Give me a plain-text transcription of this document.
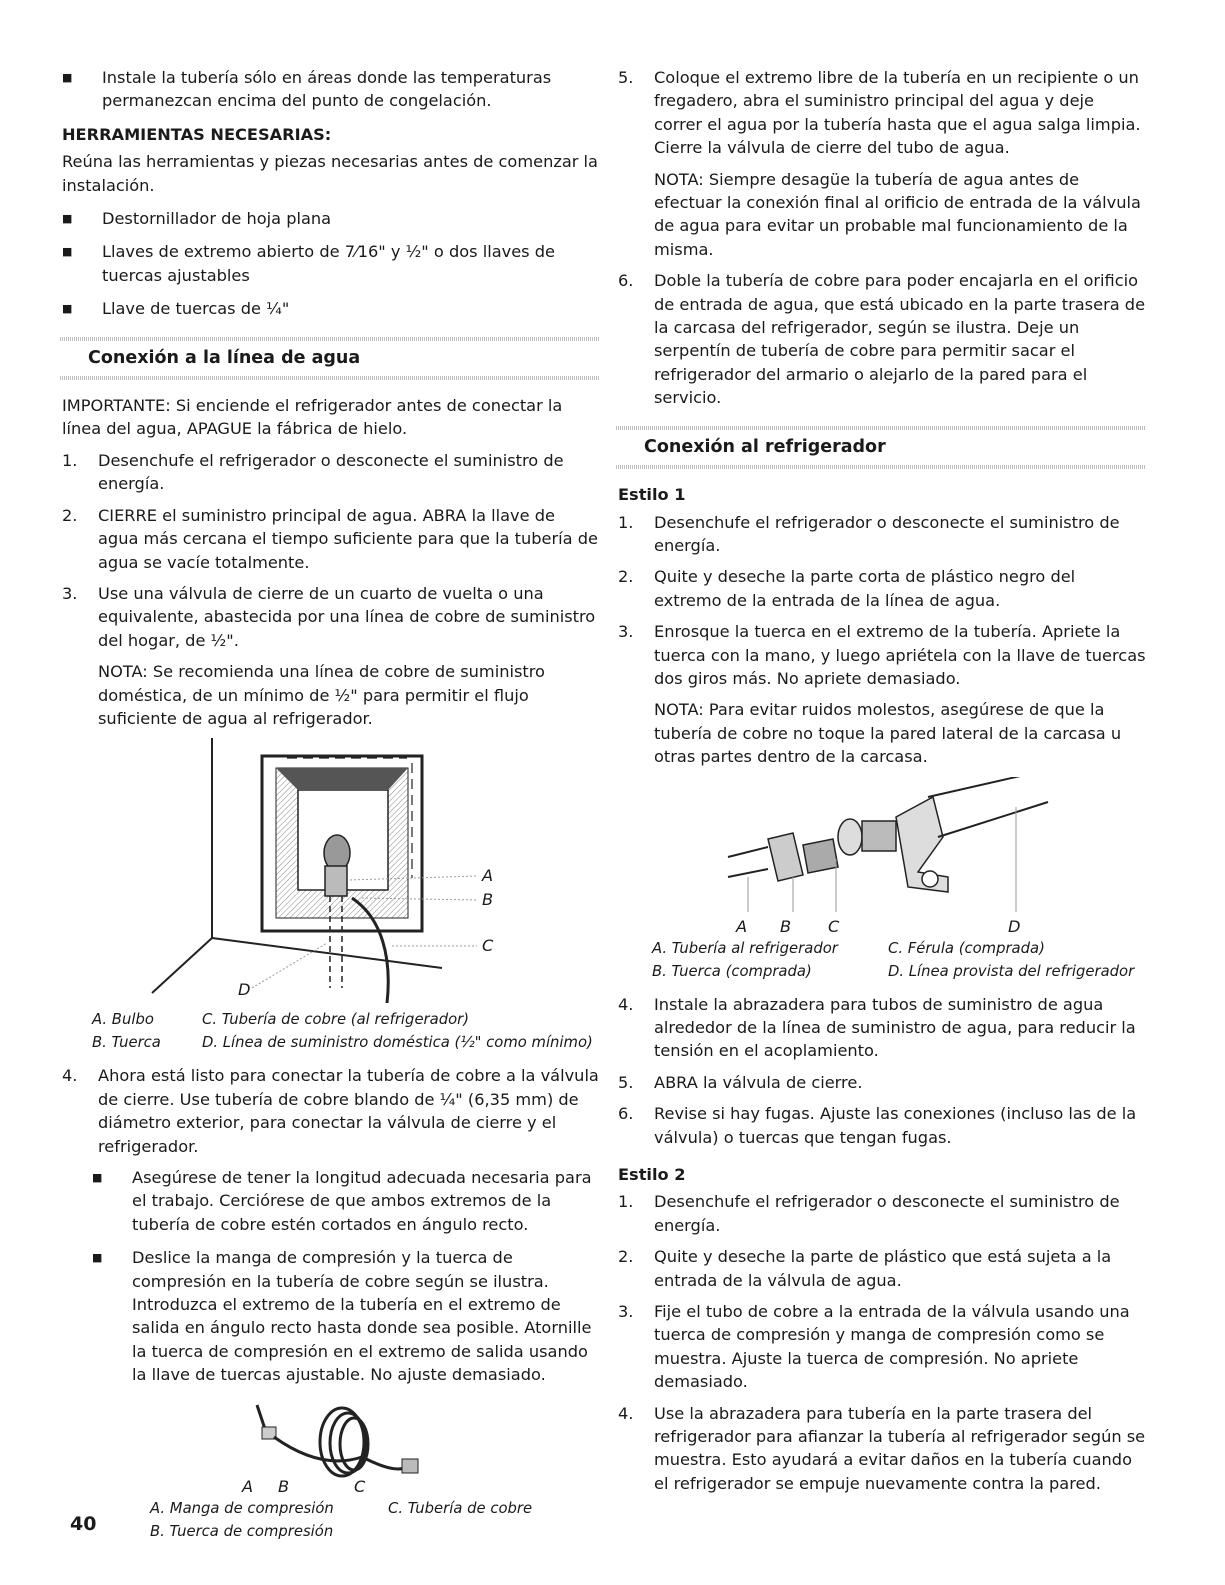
■ Instale la tubería sólo en áreas donde las temperaturas permanezcan encima del punto de congelación.

HERRAMIENTAS NECESARIAS:

Reúna las herramientas y piezas necesarias antes de comenzar la instalación.

■ Destornillador de hoja plana

■ Llaves de extremo abierto de 7⁄16" y ½" o dos llaves de tuercas ajustables

■ Llave de tuercas de ¼"

Conexión a la línea de agua

IMPORTANTE: Si enciende el refrigerador antes de conectar la línea del agua, APAGUE la fábrica de hielo.

1. Desenchufe el refrigerador o desconecte el suministro de energía.
2. CIERRE el suministro principal de agua. ABRA la llave de agua más cercana el tiempo suficiente para que la tubería de agua se vacíe totalmente.
3. Use una válvula de cierre de un cuarto de vuelta o una equivalente, abastecida por una línea de cobre de suministro del hogar, de ½".

NOTA: Se recomienda una línea de cobre de suministro doméstica, de un mínimo de ½" para permitir el flujo suficiente de agua al refrigerador.

A
B
C
D
A. Bulbo	C. Tubería de cobre (al refrigerador)
B. Tuerca	D. Línea de suministro doméstica (½" como mínimo)
4. Ahora está listo para conectar la tubería de cobre a la válvula de cierre. Use tubería de cobre blando de ¼" (6,35 mm) de diámetro exterior, para conectar la válvula de cierre y el refrigerador.

■ Asegúrese de tener la longitud adecuada necesaria para el trabajo. Cerciórese de que ambos extremos de la tubería de cobre estén cortados en ángulo recto.

■ Deslice la manga de compresión y la tuerca de compresión en la tubería de cobre según se ilustra. Introduzca el extremo de la tubería en el extremo de salida en ángulo recto hasta donde sea posible. Atornille la tuerca de compresión en el extremo de salida usando la llave de tuercas ajustable. No ajuste demasiado.

A B	C
A. Manga de compresión	C. Tubería de cobre
B. Tuerca de compresión
5. Coloque el extremo libre de la tubería en un recipiente o un fregadero, abra el suministro principal del agua y deje correr el agua por la tubería hasta que el agua salga limpia. Cierre la válvula de cierre del tubo de agua.

NOTA: Siempre desagüe la tubería de agua antes de efectuar la conexión final al orificio de entrada de la válvula de agua para evitar un probable mal funcionamiento de la misma.

6. Doble la tubería de cobre para poder encajarla en el orificio de entrada de agua, que está ubicado en la parte trasera de la carcasa del refrigerador, según se ilustra. Deje un serpentín de tubería de cobre para permitir sacar el refrigerador del armario o alejarlo de la pared para el servicio.
Conexión al refrigerador

Estilo 1

1. Desenchufe el refrigerador o desconecte el suministro de energía.
2. Quite y deseche la parte corta de plástico negro del extremo de la entrada de la línea de agua.
3. Enrosque la tuerca en el extremo de la tubería. Apriete la tuerca con la mano, y luego apriétela con la llave de tuercas dos giros más. No apriete demasiado.

NOTA: Para evitar ruidos molestos, asegúrese de que la tubería de cobre no toque la pared lateral de la carcasa u otras partes dentro de la carcasa.

A B C	D
A. Tubería al refrigerador	C. Férula (comprada)
B. Tuerca (comprada)	D. Línea provista del refrigerador
4. Instale la abrazadera para tubos de suministro de agua alrededor de la línea de suministro de agua, para reducir la tensión en el acoplamiento.
5. ABRA la válvula de cierre.
6. Revise si hay fugas. Ajuste las conexiones (incluso las de la válvula) o tuercas que tengan fugas.

Estilo 2

1. Desenchufe el refrigerador o desconecte el suministro de energía.
2. Quite y deseche la parte de plástico que está sujeta a la entrada de la válvula de agua.
3. Fije el tubo de cobre a la entrada de la válvula usando una tuerca de compresión y manga de compresión como se muestra. Ajuste la tuerca de compresión. No apriete demasiado.
4. Use la abrazadera para tubería en la parte trasera del refrigerador para afianzar la tubería al refrigerador según se muestra. Esto ayudará a evitar daños en la tubería cuando el refrigerador se empuje nuevamente contra la pared.
40
